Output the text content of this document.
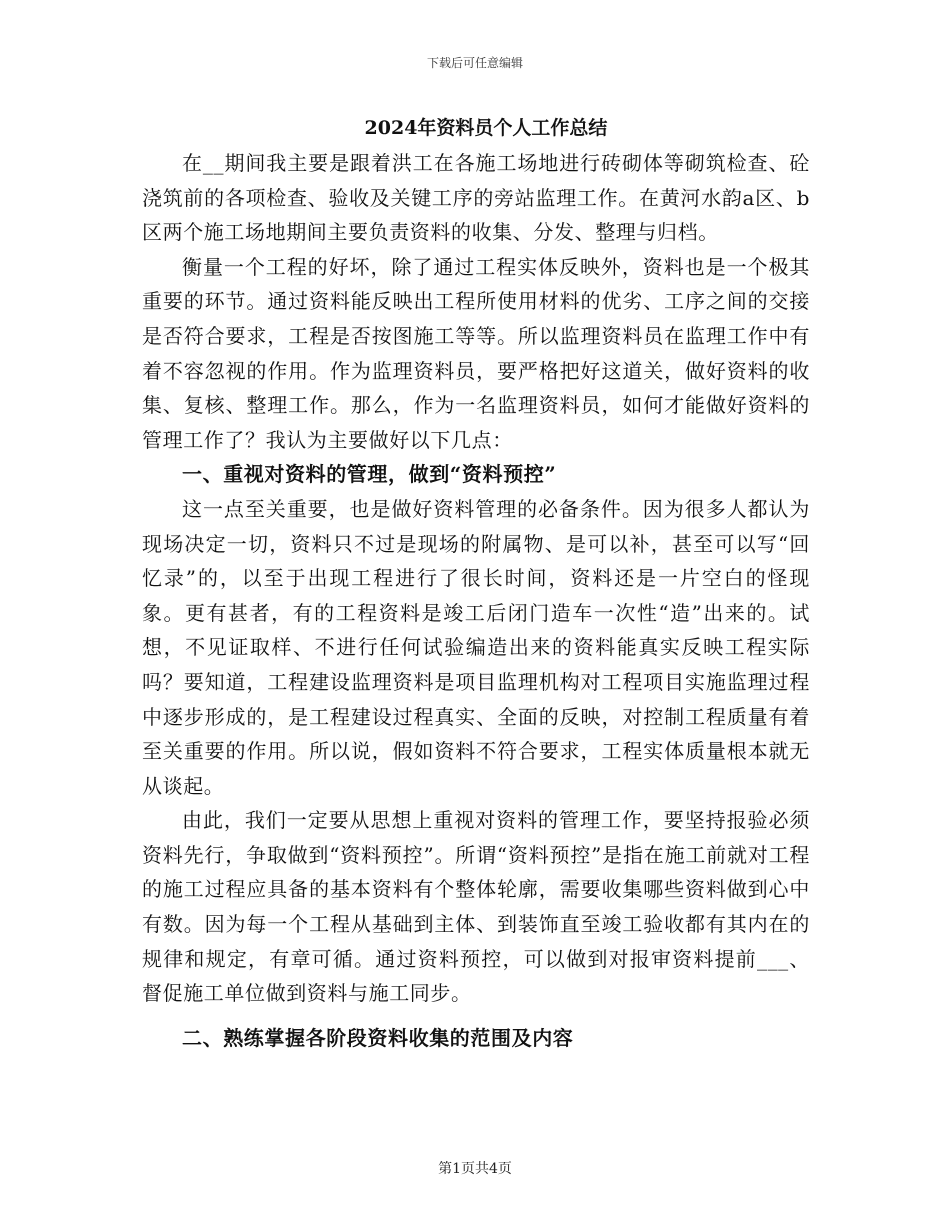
下载后可任意编辑
2024年资料员个人工作总结

在__期间我主要是跟着洪工在各施工场地进行砖砌体等砌筑检查、砼浇筑前的各项检查、验收及关键工序的旁站监理工作。在黄河水韵a区、b区两个施工场地期间主要负责资料的收集、分发、整理与归档。

衡量一个工程的好坏，除了通过工程实体反映外，资料也是一个极其重要的环节。通过资料能反映出工程所使用材料的优劣、工序之间的交接是否符合要求，工程是否按图施工等等。所以监理资料员在监理工作中有着不容忽视的作用。作为监理资料员，要严格把好这道关，做好资料的收集、复核、整理工作。那么，作为一名监理资料员，如何才能做好资料的管理工作了？我认为主要做好以下几点：

一、重视对资料的管理，做到“资料预控”

这一点至关重要，也是做好资料管理的必备条件。因为很多人都认为现场决定一切，资料只不过是现场的附属物、是可以补，甚至可以写“回忆录”的，以至于出现工程进行了很长时间，资料还是一片空白的怪现象。更有甚者，有的工程资料是竣工后闭门造车一次性“造”出来的。试想，不见证取样、不进行任何试验编造出来的资料能真实反映工程实际吗？要知道，工程建设监理资料是项目监理机构对工程项目实施监理过程中逐步形成的，是工程建设过程真实、全面的反映，对控制工程质量有着至关重要的作用。所以说，假如资料不符合要求，工程实体质量根本就无从谈起。

由此，我们一定要从思想上重视对资料的管理工作，要坚持报验必须资料先行，争取做到“资料预控”。所谓“资料预控”是指在施工前就对工程的施工过程应具备的基本资料有个整体轮廓，需要收集哪些资料做到心中有数。因为每一个工程从基础到主体、到装饰直至竣工验收都有其内在的规律和规定，有章可循。通过资料预控，可以做到对报审资料提前___、督促施工单位做到资料与施工同步。

二、熟练掌握各阶段资料收集的范围及内容

第1页共4页
